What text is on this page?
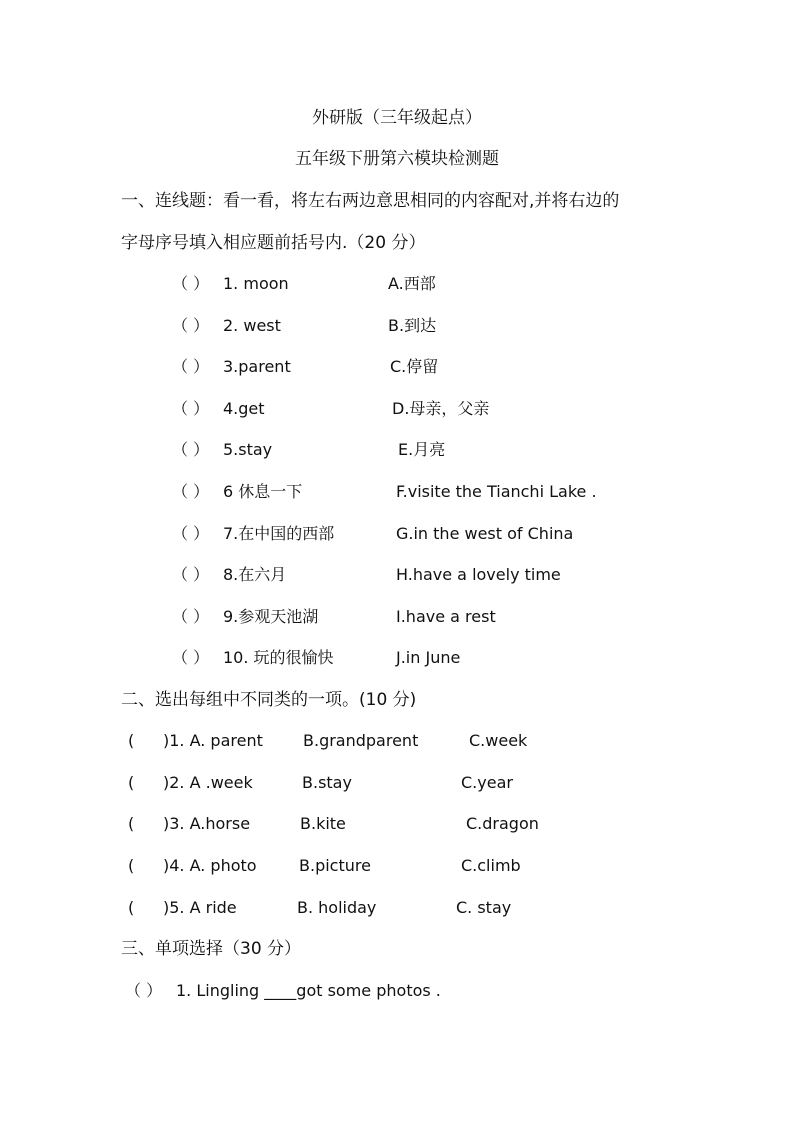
外研版（三年级起点）
五年级下册第六模块检测题
一、连线题：看一看，将左右两边意思相同的内容配对,并将右边的
字母序号填入相应题前括号内.（20 分）
（ ） 1. moon	A.西部
（ ） 2. west	B.到达
（ ） 3.parent	C.停留
（ ） 4.get	D.母亲，父亲
（ ） 5.stay	E.月亮
（ ） 6 休息一下	F.visite the Tianchi Lake .
（ ） 7.在中国的西部	G.in the west of China
（ ） 8.在六月	H.have a lovely time
（ ） 9.参观天池湖	I.have a rest
（ ） 10. 玩的很愉快	J.in June
二、选出每组中不同类的一项。(10 分)
( )1. A. parent	B.grandparent	C.week
( )2. A .week	B.stay	C.year
( )3. A.horse	B.kite	C.dragon
( )4. A. photo	B.picture	C.climb
( )5. A ride	B. holiday	C. stay
三、单项选择（30 分）
（ ） 1. Lingling ____got some photos .
